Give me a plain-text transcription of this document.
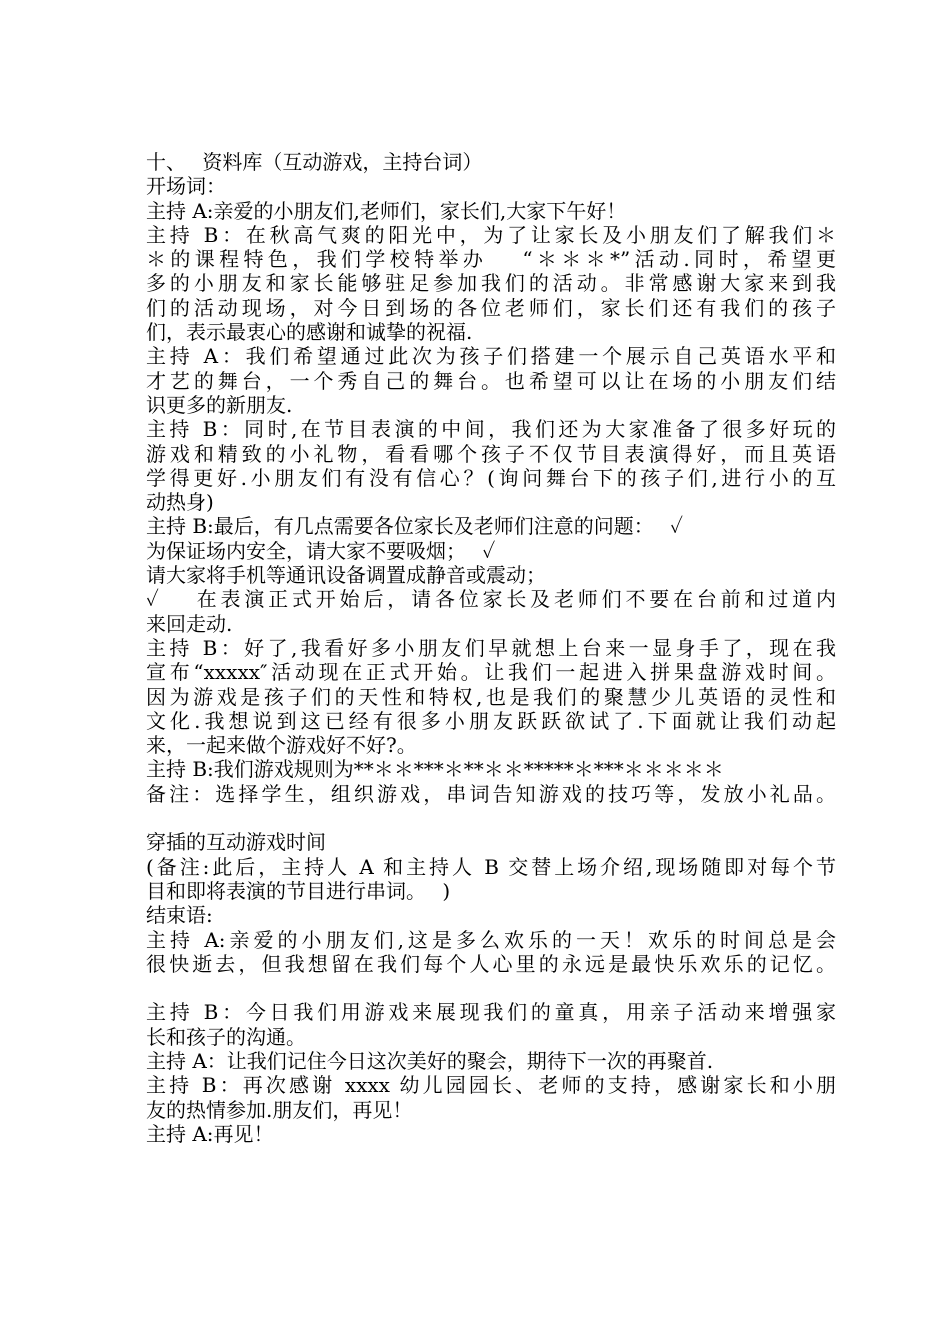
十、　 资料库（互动游戏，主持台词）
开场词：
主持 A:亲爱的小朋友们,老师们，家长们,大家下午好！
主持 B：在秋高气爽的阳光中，为了让家长及小朋友们了解我们＊
＊的课程特色，我们学校特举办　 “＊＊＊*”活动.同时，希望更
多的小朋友和家长能够驻足参加我们的活动。非常感谢大家来到我
们的活动现场，对今日到场的各位老师们，家长们还有我们的孩子
们，表示最衷心的感谢和诚挚的祝福.
主持 A：我们希望通过此次为孩子们搭建一个展示自己英语水平和
才艺的舞台，一个秀自己的舞台。也希望可以让在场的小朋友们结
识更多的新朋友.
主持 B：同时,在节目表演的中间，我们还为大家准备了很多好玩的
游戏和精致的小礼物，看看哪个孩子不仅节目表演得好，而且英语
学得更好.小朋友们有没有信心？(询问舞台下的孩子们,进行小的互
动热身)
主持 B:最后，有几点需要各位家长及老师们注意的问题：　 ✓
为保证场内安全，请大家不要吸烟；　 ✓
请大家将手机等通讯设备调置成静音或震动；
✓　 在表演正式开始后，请各位家长及老师们不要在台前和过道内
来回走动.
主持 B：好了,我看好多小朋友们早就想上台来一显身手了，现在我
宣布“xxxxx″活动现在正式开始。让我们一起进入拼果盘游戏时间。
因为游戏是孩子们的天性和特权,也是我们的聚慧少儿英语的灵性和
文化.我想说到这已经有很多小朋友跃跃欲试了.下面就让我们动起
来，一起来做个游戏好不好?。
主持 B:我们游戏规则为**＊＊***＊**＊＊*****＊***＊＊＊＊＊
备注：选择学生，组织游戏，串词告知游戏的技巧等，发放小礼品。
穿插的互动游戏时间
(备注:此后，主持人 A 和主持人 B 交替上场介绍,现场随即对每个节
目和即将表演的节目进行串词。　 )
结束语:
主持 A:亲爱的小朋友们,这是多么欢乐的一天！欢乐的时间总是会
很快逝去，但我想留在我们每个人心里的永远是最快乐欢乐的记忆。
主持 B：今日我们用游戏来展现我们的童真，用亲子活动来增强家
长和孩子的沟通。
主持 A：让我们记住今日这次美好的聚会，期待下一次的再聚首.
主持 B：再次感谢 xxxx 幼儿园园长、老师的支持，感谢家长和小朋
友的热情参加.朋友们，再见！
主持 A:再见！
